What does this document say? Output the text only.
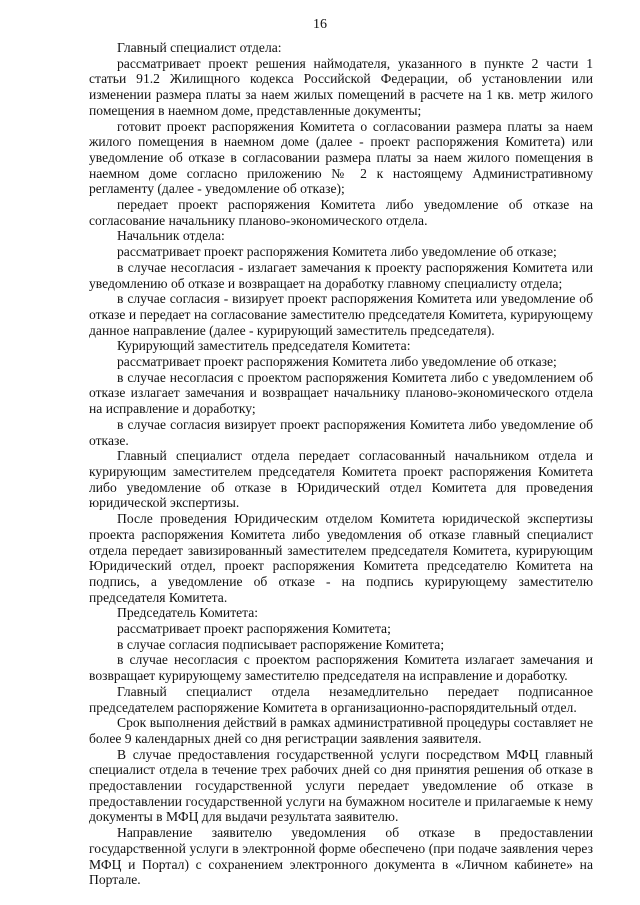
16

Главный специалист отдела:

рассматривает проект решения наймодателя, указанного в пункте 2 части 1 статьи 91.2 Жилищного кодекса Российской Федерации, об установлении или изменении размера платы за наем жилых помещений в расчете на 1 кв. метр жилого помещения в наемном доме, представленные документы;

готовит проект распоряжения Комитета о согласовании размера платы за наем жилого помещения в наемном доме (далее - проект распоряжения Комитета) или уведомление об отказе в согласовании размера платы за наем жилого помещения в наемном доме согласно приложению № 2 к настоящему Административному регламенту (далее - уведомление об отказе);

передает проект распоряжения Комитета либо уведомление об отказе на согласование начальнику планово-экономического отдела.

Начальник отдела:

рассматривает проект распоряжения Комитета либо уведомление об отказе;

в случае несогласия - излагает замечания к проекту распоряжения Комитета или уведомлению об отказе и возвращает на доработку главному специалисту отдела;

в случае согласия - визирует проект распоряжения Комитета или уведомление об отказе и передает на согласование заместителю председателя Комитета, курирующему данное направление (далее - курирующий заместитель председателя).

Курирующий заместитель председателя Комитета:

рассматривает проект распоряжения Комитета либо уведомление об отказе;

в случае несогласия с проектом распоряжения Комитета либо с уведомлением об отказе излагает замечания и возвращает начальнику планово-экономического отдела на исправление и доработку;

в случае согласия визирует проект распоряжения Комитета либо уведомление об отказе.

Главный специалист отдела передает согласованный начальником отдела и курирующим заместителем председателя Комитета проект распоряжения Комитета либо уведомление об отказе в Юридический отдел Комитета для проведения юридической экспертизы.

После проведения Юридическим отделом Комитета юридической экспертизы проекта распоряжения Комитета либо уведомления об отказе главный специалист отдела передает завизированный заместителем председателя Комитета, курирующим Юридический отдел, проект распоряжения Комитета председателю Комитета на подпись, а уведомление об отказе - на подпись курирующему заместителю председателя Комитета.

Председатель Комитета:

рассматривает проект распоряжения Комитета;

в случае согласия подписывает распоряжение Комитета;

в случае несогласия с проектом распоряжения Комитета излагает замечания и возвращает курирующему заместителю председателя на исправление и доработку.

Главный специалист отдела незамедлительно передает подписанное председателем распоряжение Комитета в организационно-распорядительный отдел.

Срок выполнения действий в рамках административной процедуры составляет не более 9 календарных дней со дня регистрации заявления заявителя.

В случае предоставления государственной услуги посредством МФЦ главный специалист отдела в течение трех рабочих дней со дня принятия решения об отказе в предоставлении государственной услуги передает уведомление об отказе в предоставлении государственной услуги на бумажном носителе и прилагаемые к нему документы в МФЦ для выдачи результата заявителю.

Направление заявителю уведомления об отказе в предоставлении государственной услуги в электронной форме обеспечено (при подаче заявления через МФЦ и Портал) с сохранением электронного документа в «Личном кабинете» на Портале.
